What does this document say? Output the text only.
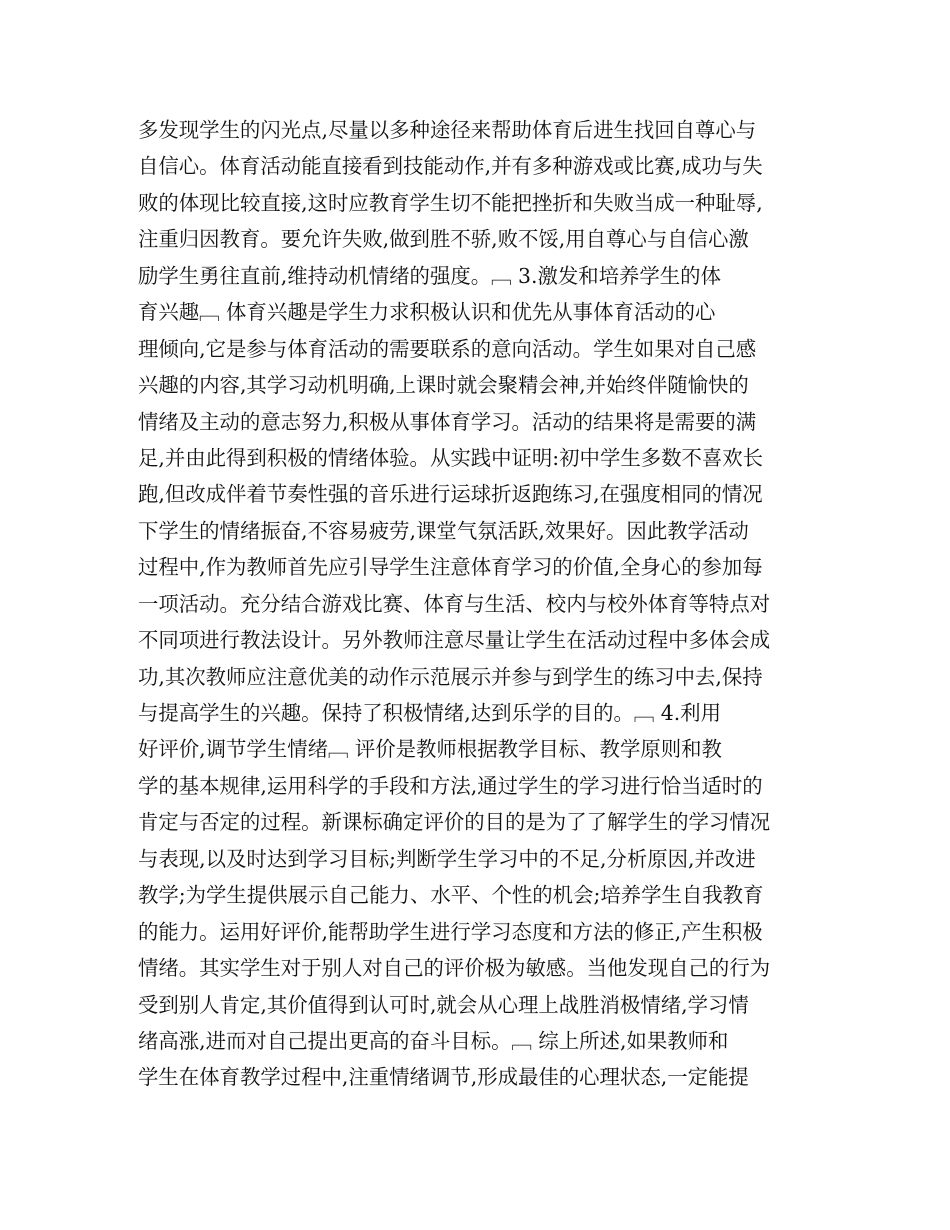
多发现学生的闪光点,尽量以多种途径来帮助体育后进生找回自尊心与
自信心。体育活动能直接看到技能动作,并有多种游戏或比赛,成功与失
败的体现比较直接,这时应教育学生切不能把挫折和失败当成一种耻辱,
注重归因教育。要允许失败,做到胜不骄,败不馁,用自尊心与自信心激
励学生勇往直前,维持动机情绪的强度。﹇ 3.激发和培养学生的体
育兴趣﹇ 体育兴趣是学生力求积极认识和优先从事体育活动的心
理倾向,它是参与体育活动的需要联系的意向活动。学生如果对自己感
兴趣的内容,其学习动机明确,上课时就会聚精会神,并始终伴随愉快的
情绪及主动的意志努力,积极从事体育学习。活动的结果将是需要的满
足,并由此得到积极的情绪体验。从实践中证明:初中学生多数不喜欢长
跑,但改成伴着节奏性强的音乐进行运球折返跑练习,在强度相同的情况
下学生的情绪振奋,不容易疲劳,课堂气氛活跃,效果好。因此教学活动
过程中,作为教师首先应引导学生注意体育学习的价值,全身心的参加每
一项活动。充分结合游戏比赛、体育与生活、校内与校外体育等特点对
不同项进行教法设计。另外教师注意尽量让学生在活动过程中多体会成
功,其次教师应注意优美的动作示范展示并参与到学生的练习中去,保持
与提高学生的兴趣。保持了积极情绪,达到乐学的目的。﹇ 4.利用
好评价,调节学生情绪﹇ 评价是教师根据教学目标、教学原则和教
学的基本规律,运用科学的手段和方法,通过学生的学习进行恰当适时的
肯定与否定的过程。新课标确定评价的目的是为了了解学生的学习情况
与表现,以及时达到学习目标;判断学生学习中的不足,分析原因,并改进
教学;为学生提供展示自己能力、水平、个性的机会;培养学生自我教育
的能力。运用好评价,能帮助学生进行学习态度和方法的修正,产生积极
情绪。其实学生对于别人对自己的评价极为敏感。当他发现自己的行为
受到别人肯定,其价值得到认可时,就会从心理上战胜消极情绪,学习情
绪高涨,进而对自己提出更高的奋斗目标。﹇ 综上所述,如果教师和
学生在体育教学过程中,注重情绪调节,形成最佳的心理状态,一定能提
